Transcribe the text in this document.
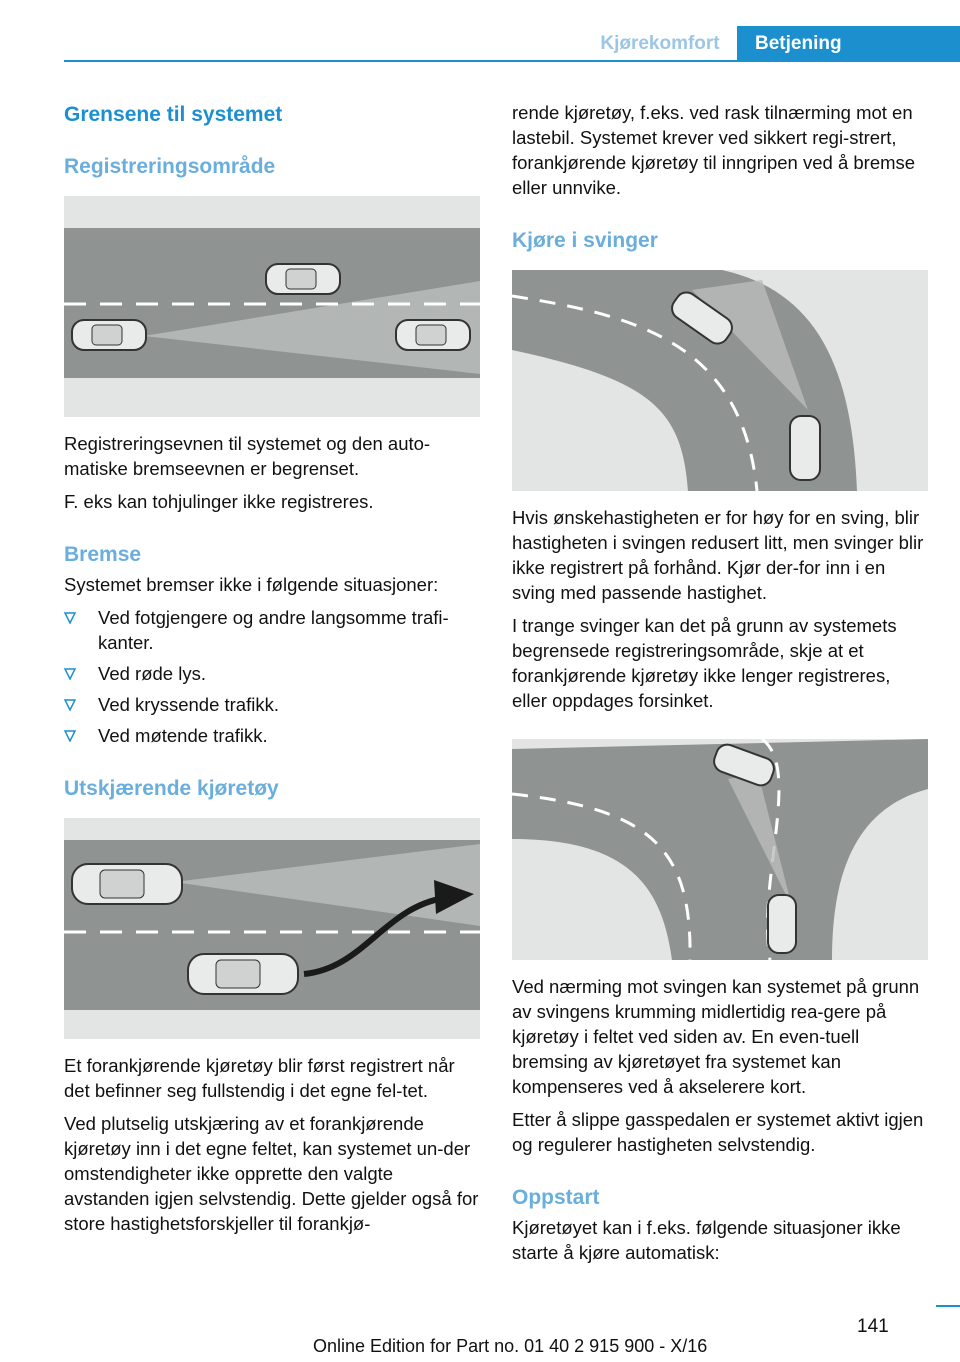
Kjørekomfort	Betjening
Grensene til systemet
Registreringsområde

Registreringsevnen til systemet og den auto-matiske bremseevnen er begrenset.

F. eks kan tohjulinger ikke registreres.

Bremse

Systemet bremser ikke i følgende situasjoner:

Ved fotgjengere og andre langsomme trafi-kanter.
Ved røde lys.
Ved kryssende trafikk.
Ved møtende trafikk.
Utskjærende kjøretøy

Et forankjørende kjøretøy blir først registrert når det befinner seg fullstendig i det egne fel-tet.

Ved plutselig utskjæring av et forankjørende kjøretøy inn i det egne feltet, kan systemet un-der omstendigheter ikke opprette den valgte avstanden igjen selvstendig. Dette gjelder også for store hastighetsforskjeller til forankjø-

rende kjøretøy, f.eks. ved rask tilnærming mot en lastebil. Systemet krever ved sikkert regi-strert, forankjørende kjøretøy til inngripen ved å bremse eller unnvike.

Kjøre i svinger

Hvis ønskehastigheten er for høy for en sving, blir hastigheten i svingen redusert litt, men svinger blir ikke registrert på forhånd. Kjør der-for inn i en sving med passende hastighet.

I trange svinger kan det på grunn av systemets begrensede registreringsområde, skje at et forankjørende kjøretøy ikke lenger registreres, eller oppdages forsinket.

Ved nærming mot svingen kan systemet på grunn av svingens krumming midlertidig rea-gere på kjøretøy i feltet ved siden av. En even-tuell bremsing av kjøretøyet fra systemet kan kompenseres ved å akselerere kort.

Etter å slippe gasspedalen er systemet aktivt igjen og regulerer hastigheten selvstendig.

Oppstart

Kjøretøyet kan i f.eks. følgende situasjoner ikke starte å kjøre automatisk:

141
Online Edition for Part no. 01 40 2 915 900 - X/16
